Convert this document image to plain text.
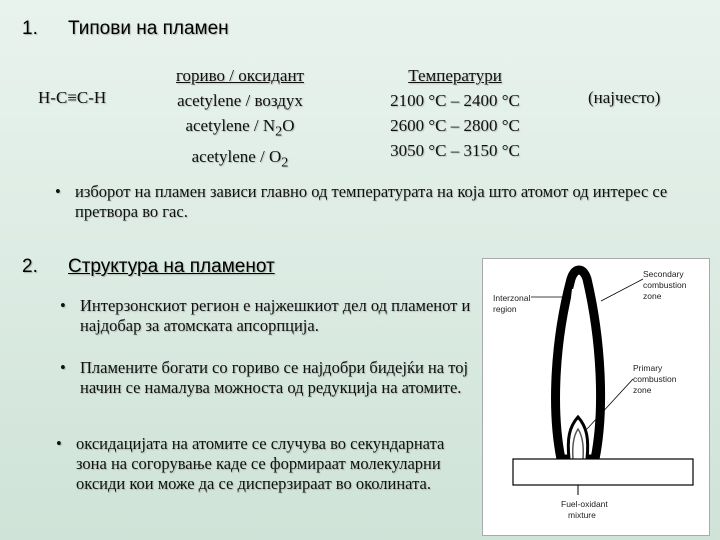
1. Типови на пламен
H-C≡C-H
гориво / оксидант
acetylene / воздух
acetylene / $N_2O$
acetylene / $O_2$
Температури
2100 °C – 2400 °C
2600 °C – 2800 °C
3050 °C – 3150 °C
(најчесто)
• изборот на пламен зависи главно од температурата на која што атомот од интерес се претвора во гас.
2. Структура на пламенот
• Интерзонскиот регион е најжешкиот дел од пламенот и најдобар за атомската апсорпција.
• Пламените богати со гориво се најдобри бидејќи на тој начин се намалува можноста од редукција на атомите.
• оксидацијата на атомите се случува во секундарната зона на согорување каде се формираат молекуларни оксиди кои може да се дисперзираат во околината.
Interzonal
region
Secondary
combustion
zone
Primary
combustion
zone
Fuel-oxidant
mixture
